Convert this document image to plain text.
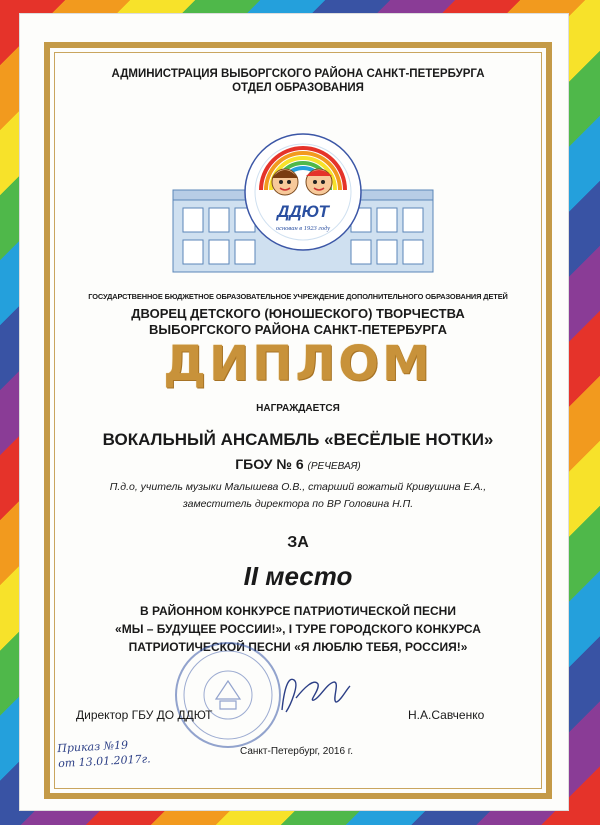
АДМИНИСТРАЦИЯ ВЫБОРГСКОГО РАЙОНА САНКТ-ПЕТЕРБУРГА
ОТДЕЛ ОБРАЗОВАНИЯ
ДДЮТ
основан в 1923 году
ГОСУДАРСТВЕННОЕ БЮДЖЕТНОЕ ОБРАЗОВАТЕЛЬНОЕ УЧРЕЖДЕНИЕ ДОПОЛНИТЕЛЬНОГО ОБРАЗОВАНИЯ ДЕТЕЙ
ДВОРЕЦ ДЕТСКОГО (ЮНОШЕСКОГО) ТВОРЧЕСТВА
ВЫБОРГСКОГО РАЙОНА САНКТ-ПЕТЕРБУРГА
ДИПЛОМ
НАГРАЖДАЕТСЯ
ВОКАЛЬНЫЙ АНСАМБЛЬ «ВЕСЁЛЫЕ НОТКИ»
ГБОУ № 6 (РЕЧЕВАЯ)
П.д.о, учитель музыки Малышева О.В., старший вожатый Кривушина Е.А.,
заместитель директора по ВР Головина Н.П.
ЗА
II место
В РАЙОННОМ КОНКУРСЕ ПАТРИОТИЧЕСКОЙ ПЕСНИ
«МЫ – БУДУЩЕЕ РОССИИ!», I ТУРЕ ГОРОДСКОГО КОНКУРСА
ПАТРИОТИЧЕСКОЙ ПЕСНИ «Я ЛЮБЛЮ ТЕБЯ, РОССИЯ!»
Директор ГБУ ДО ДДЮТ	Н.А.Савченко
Санкт-Петербург, 2016 г.
Приказ №19
от 13.01.2017г.
